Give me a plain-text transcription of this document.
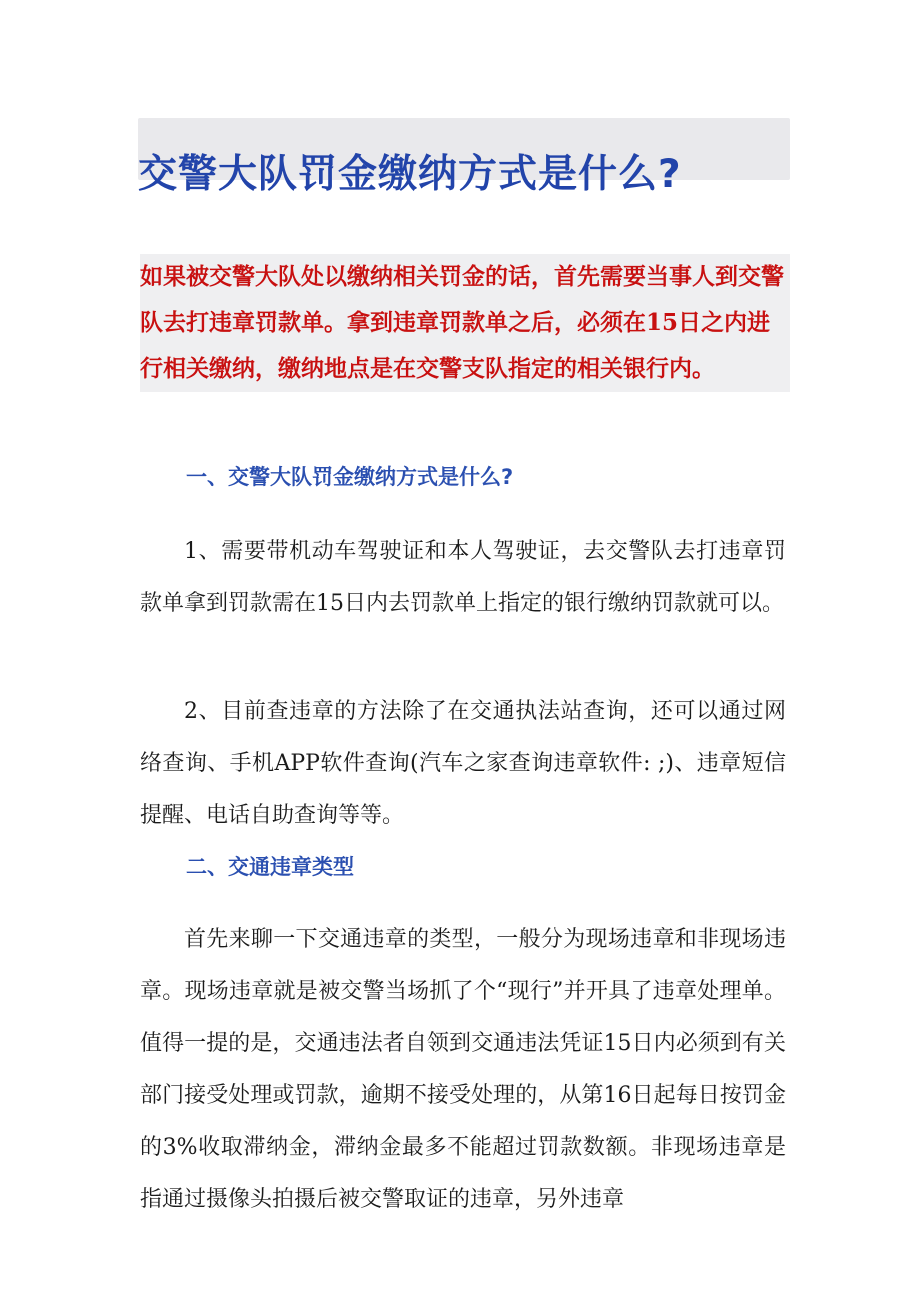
交警大队罚金缴纳方式是什么?

如果被交警大队处以缴纳相关罚金的话，首先需要当事人到交警
队去打违章罚款单。拿到违章罚款单之后，必须在15日之内进
行相关缴纳，缴纳地点是在交警支队指定的相关银行内。

一、交警大队罚金缴纳方式是什么?

1、需要带机动车驾驶证和本人驾驶证，去交警队去打违章罚款单拿到罚款需在15日内去罚款单上指定的银行缴纳罚款就可以。

2、目前查违章的方法除了在交通执法站查询，还可以通过网络查询、手机APP软件查询(汽车之家查询违章软件: ;)、违章短信提醒、电话自助查询等等。

二、交通违章类型

首先来聊一下交通违章的类型，一般分为现场违章和非现场违章。现场违章就是被交警当场抓了个“现行”并开具了违章处理单。值得一提的是，交通违法者自领到交通违法凭证15日内必须到有关部门接受处理或罚款，逾期不接受处理的，从第16日起每日按罚金的3%收取滞纳金，滞纳金最多不能超过罚款数额。非现场违章是指通过摄像头拍摄后被交警取证的违章，另外违章
